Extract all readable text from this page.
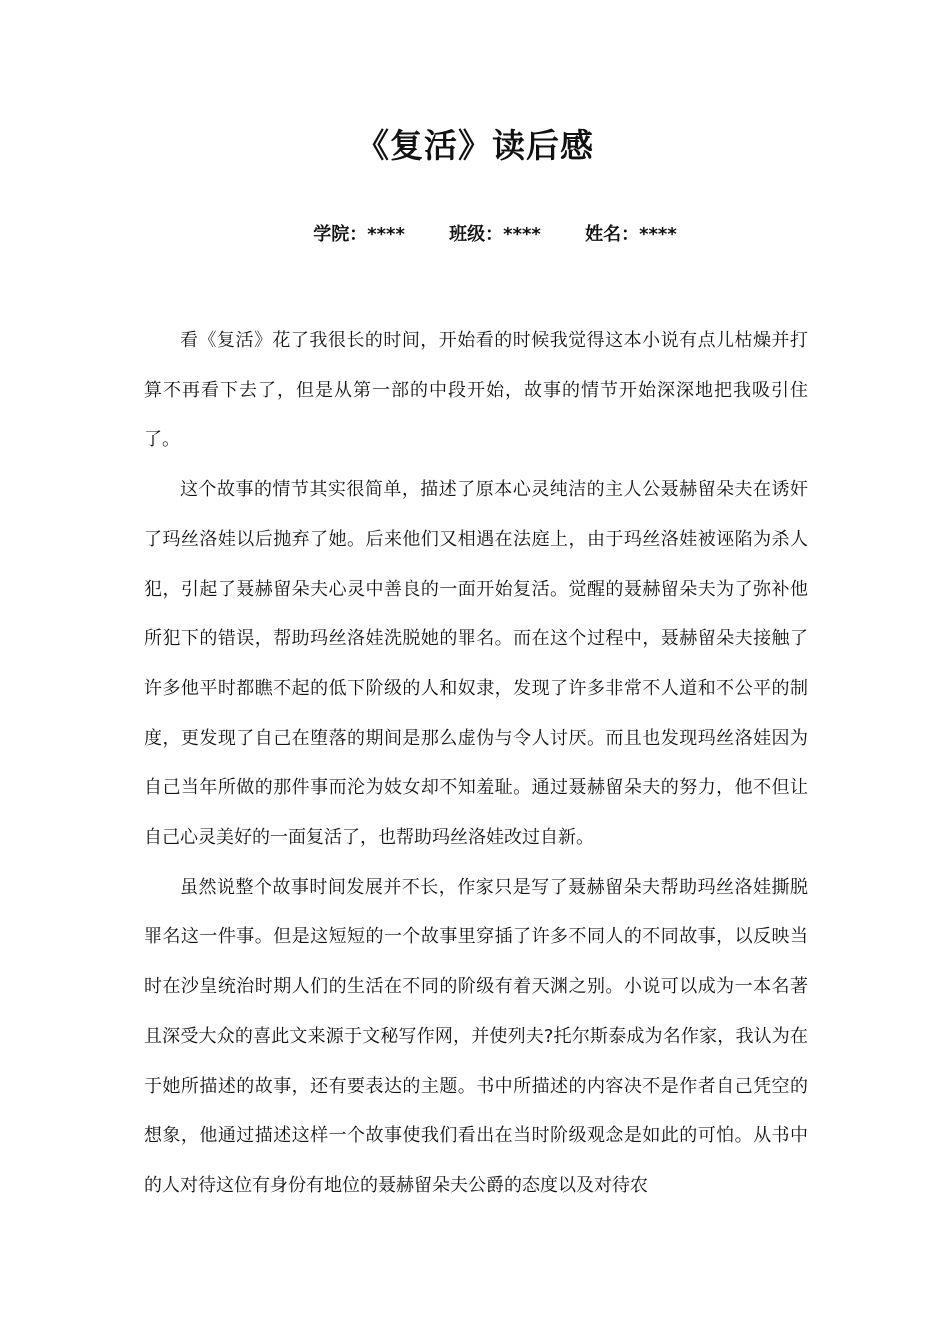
《复活》读后感
学院：**** 班级：**** 姓名：****

看《复活》花了我很长的时间，开始看的时候我觉得这本小说有点儿枯燥并打算不再看下去了，但是从第一部的中段开始，故事的情节开始深深地把我吸引住了。

这个故事的情节其实很简单，描述了原本心灵纯洁的主人公聂赫留朵夫在诱奸了玛丝洛娃以后抛弃了她。后来他们又相遇在法庭上，由于玛丝洛娃被诬陷为杀人犯，引起了聂赫留朵夫心灵中善良的一面开始复活。觉醒的聂赫留朵夫为了弥补他所犯下的错误，帮助玛丝洛娃洗脱她的罪名。而在这个过程中，聂赫留朵夫接触了许多他平时都瞧不起的低下阶级的人和奴隶，发现了许多非常不人道和不公平的制度，更发现了自己在堕落的期间是那么虚伪与令人讨厌。而且也发现玛丝洛娃因为自己当年所做的那件事而沦为妓女却不知羞耻。通过聂赫留朵夫的努力，他不但让自己心灵美好的一面复活了，也帮助玛丝洛娃改过自新。

虽然说整个故事时间发展并不长，作家只是写了聂赫留朵夫帮助玛丝洛娃撕脱罪名这一件事。但是这短短的一个故事里穿插了许多不同人的不同故事，以反映当时在沙皇统治时期人们的生活在不同的阶级有着天渊之别。小说可以成为一本名著且深受大众的喜此文来源于文秘写作网，并使列夫?托尔斯泰成为名作家，我认为在于她所描述的故事，还有要表达的主题。书中所描述的内容决不是作者自己凭空的想象，他通过描述这样一个故事使我们看出在当时阶级观念是如此的可怕。从书中的人对待这位有身份有地位的聂赫留朵夫公爵的态度以及对待农
